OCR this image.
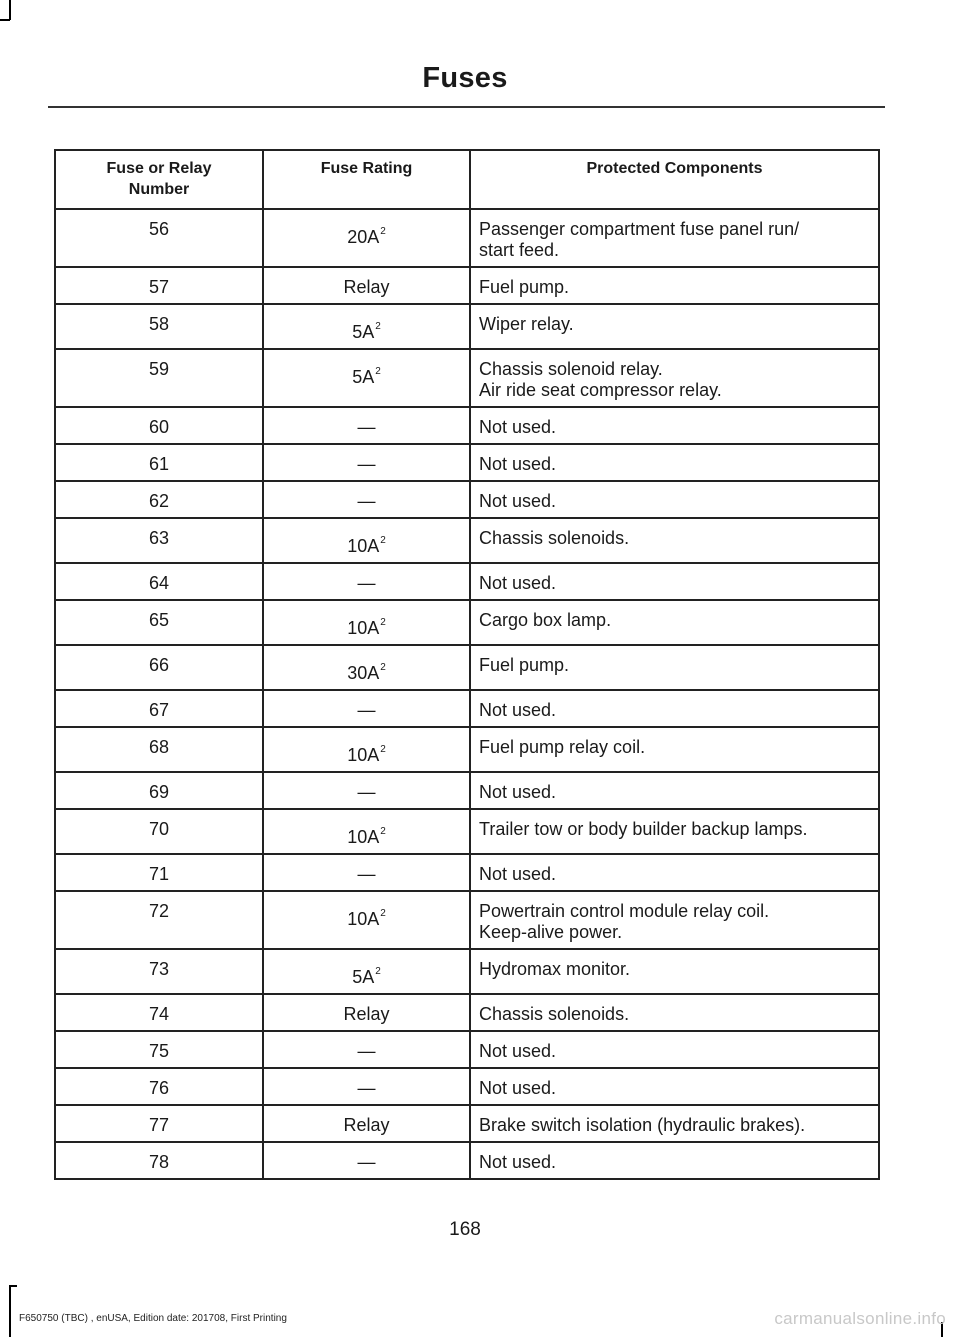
Fuses
Fuse or Relay Number	Fuse Rating	Protected Components
56	20A$^2$	Passenger compartment fuse panel run/
start feed.

57	Relay	Fuel pump.

58	5A$^2$	Wiper relay.

59	5A$^2$	Chassis solenoid relay.
Air ride seat compressor relay.

60	—	Not used.

61	—	Not used.

62	—	Not used.

63	10A$^2$	Chassis solenoids.

64	—	Not used.

65	10A$^2$	Cargo box lamp.

66	30A$^2$	Fuel pump.

67	—	Not used.

68	10A$^2$	Fuel pump relay coil.

69	—	Not used.

70	10A$^2$	Trailer tow or body builder backup lamps.

71	—	Not used.

72	10A$^2$	Powertrain control module relay coil.
Keep-alive power.

73	5A$^2$	Hydromax monitor.

74	Relay	Chassis solenoids.

75	—	Not used.

76	—	Not used.

77	Relay	Brake switch isolation (hydraulic brakes).

78	—	Not used.
168
F650750 (TBC) , enUSA, Edition date: 201708, First Printing	carmanualsonline.info
